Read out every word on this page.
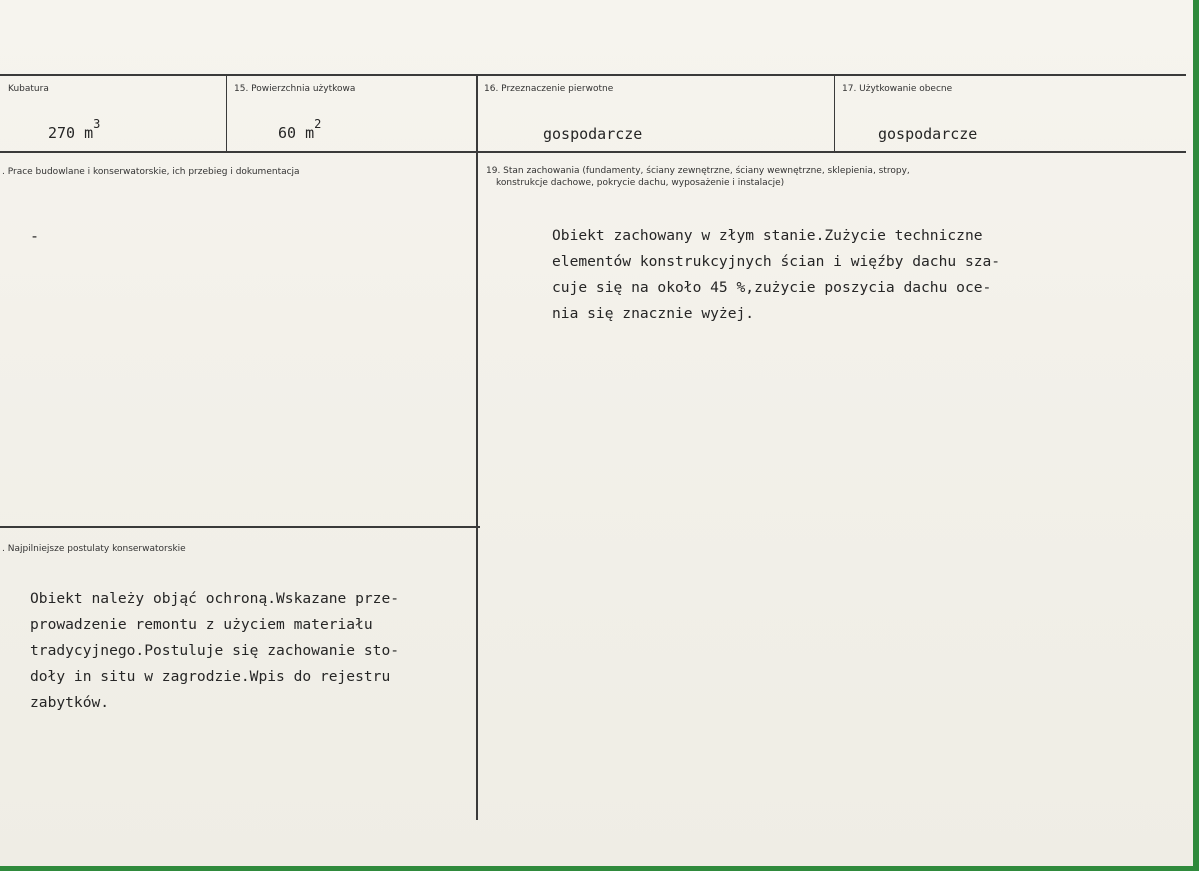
Kubatura
270 $m^3$
15. Powierzchnia użytkowa
60 $m^2$
16. Przeznaczenie pierwotne
gospodarcze
17. Użytkowanie obecne
gospodarcze
. Prace budowlane i konserwatorskie, ich przebieg i dokumentacja
-
19. Stan zachowania (fundamenty, ściany zewnętrzne, ściany wewnętrzne, sklepienia, stropy,
konstrukcje dachowe, pokrycie dachu, wyposażenie i instalacje)
Obiekt zachowany w złym stanie.Zużycie techniczne
elementów konstrukcyjnych ścian i więźby dachu sza-
cuje się na około 45 %,zużycie poszycia dachu oce-
nia się znacznie wyżej.
. Najpilniejsze postulaty konserwatorskie
Obiekt należy objąć ochroną.Wskazane prze-
prowadzenie remontu z użyciem materiału
tradycyjnego.Postuluje się zachowanie sto-
doły in situ w zagrodzie.Wpis do rejestru
zabytków.
